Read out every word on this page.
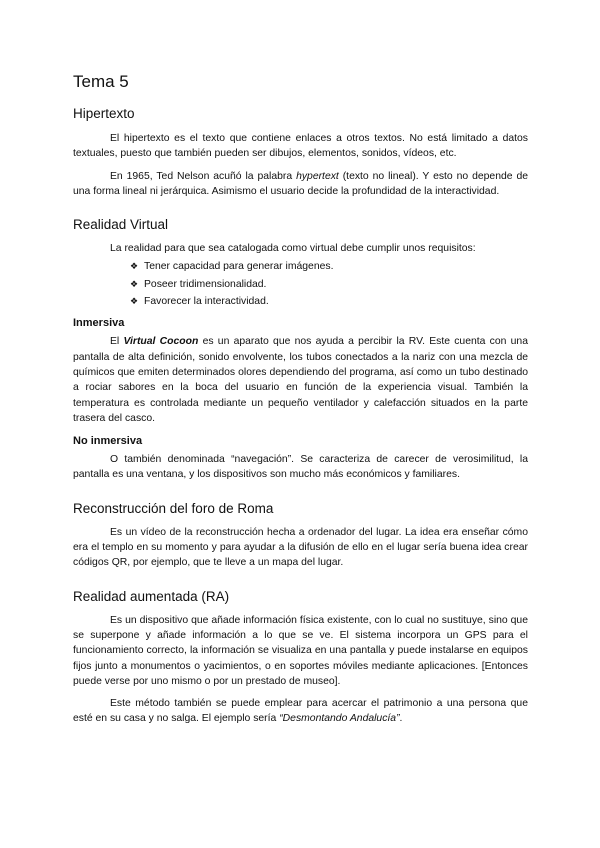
Tema 5
Hipertexto

El hipertexto es el texto que contiene enlaces a otros textos. No está limitado a datos textuales, puesto que también pueden ser dibujos, elementos, sonidos, vídeos, etc.

En 1965, Ted Nelson acuñó la palabra hypertext (texto no lineal). Y esto no depende de una forma lineal ni jerárquica. Asimismo el usuario decide la profundidad de la interactividad.

Realidad Virtual

La realidad para que sea catalogada como virtual debe cumplir unos requisitos:

❖ Tener capacidad para generar imágenes.
❖ Poseer tridimensionalidad.
❖ Favorecer la interactividad.
Inmersiva

El Virtual Cocoon es un aparato que nos ayuda a percibir la RV. Este cuenta con una pantalla de alta definición, sonido envolvente, los tubos conectados a la nariz con una mezcla de químicos que emiten determinados olores dependiendo del programa, así como un tubo destinado a rociar sabores en la boca del usuario en función de la experiencia visual. También la temperatura es controlada mediante un pequeño ventilador y calefacción situados en la parte trasera del casco.

No inmersiva

O también denominada “navegación”. Se caracteriza de carecer de verosimilitud, la pantalla es una ventana, y los dispositivos son mucho más económicos y familiares.

Reconstrucción del foro de Roma

Es un vídeo de la reconstrucción hecha a ordenador del lugar. La idea era enseñar cómo era el templo en su momento y para ayudar a la difusión de ello en el lugar sería buena idea crear códigos QR, por ejemplo, que te lleve a un mapa del lugar.

Realidad aumentada (RA)

Es un dispositivo que añade información física existente, con lo cual no sustituye, sino que se superpone y añade información a lo que se ve. El sistema incorpora un GPS para el funcionamiento correcto, la información se visualiza en una pantalla y puede instalarse en equipos fijos junto a monumentos o yacimientos, o en soportes móviles mediante aplicaciones. [Entonces puede verse por uno mismo o por un prestado de museo].

Este método también se puede emplear para acercar el patrimonio a una persona que esté en su casa y no salga. El ejemplo sería “Desmontando Andalucía”.
